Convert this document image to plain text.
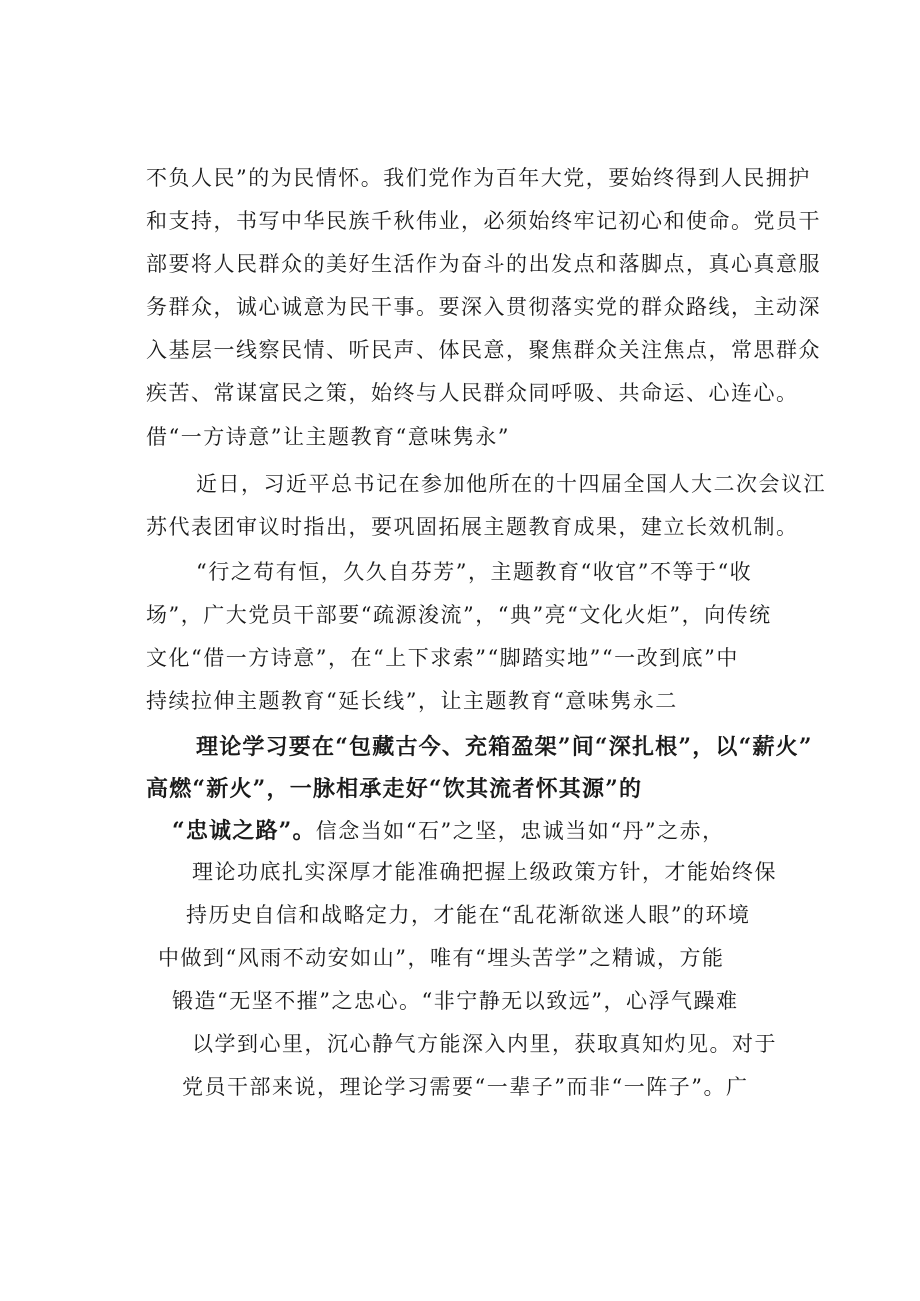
不负人民”的为民情怀。我们党作为百年大党，要始终得到人民拥护
和支持，书写中华民族千秋伟业，必须始终牢记初心和使命。党员干
部要将人民群众的美好生活作为奋斗的出发点和落脚点，真心真意服
务群众，诚心诚意为民干事。要深入贯彻落实党的群众路线，主动深
入基层一线察民情、听民声、体民意，聚焦群众关注焦点，常思群众
疾苦、常谋富民之策，始终与人民群众同呼吸、共命运、心连心。
借“一方诗意”让主题教育“意味隽永”
近日，习近平总书记在参加他所在的十四届全国人大二次会议江
苏代表团审议时指出，要巩固拓展主题教育成果，建立长效机制。
“行之苟有恒，久久自芬芳”，主题教育“收官”不等于“收
场”，广大党员干部要“疏源浚流”，“典”亮“文化火炬”，向传统
文化“借一方诗意”，在“上下求索”“脚踏实地”“一改到底”中
持续拉伸主题教育“延长线”，让主题教育“意味隽永二
理论学习要在“包藏古今、充箱盈架”间“深扎根”，以“薪火”
高燃“新火”，一脉相承走好“饮其流者怀其源”的
“忠诚之路”。信念当如“石”之坚，忠诚当如“丹”之赤，
理论功底扎实深厚才能准确把握上级政策方针，才能始终保
持历史自信和战略定力，才能在“乱花渐欲迷人眼”的环境
中做到“风雨不动安如山”，唯有“埋头苦学”之精诚，方能
锻造“无坚不摧”之忠心。“非宁静无以致远”，心浮气躁难
以学到心里，沉心静气方能深入内里，获取真知灼见。对于
党员干部来说，理论学习需要“一辈子”而非“一阵子”。广
